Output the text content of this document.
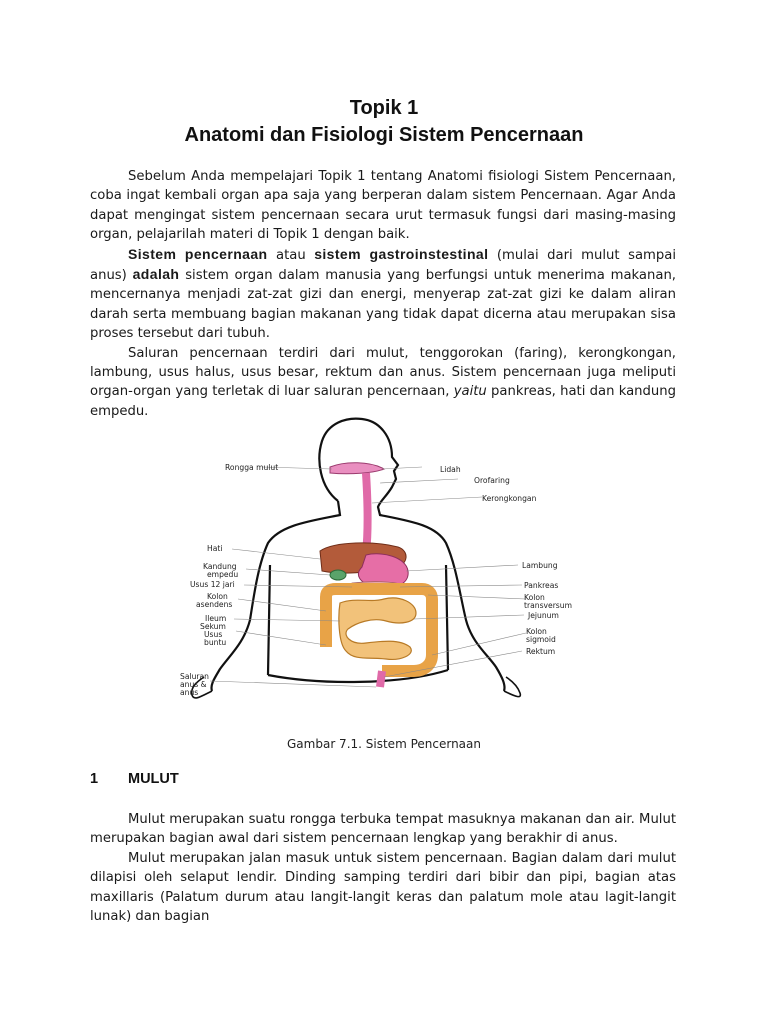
Topik 1
Anatomi dan Fisiologi Sistem Pencernaan

Sebelum Anda mempelajari Topik 1 tentang Anatomi fisiologi Sistem Pencernaan, coba ingat kembali organ apa saja yang berperan dalam sistem Pencernaan. Agar Anda dapat mengingat sistem pencernaan secara urut termasuk fungsi dari masing-masing organ, pelajarilah materi di Topik 1 dengan baik.

Sistem pencernaan atau sistem gastroinstestinal (mulai dari mulut sampai anus) adalah sistem organ dalam manusia yang berfungsi untuk menerima makanan, mencernanya menjadi zat-zat gizi dan energi, menyerap zat-zat gizi ke dalam aliran darah serta membuang bagian makanan yang tidak dapat dicerna atau merupakan sisa proses tersebut dari tubuh.

Saluran pencernaan terdiri dari mulut, tenggorokan (faring), kerongkongan, lambung, usus halus, usus besar, rektum dan anus. Sistem pencernaan juga meliputi organ-organ yang terletak di luar saluran pencernaan, yaitu pankreas, hati dan kandung empedu.

Rongga mulut
Hati
Kandung
empedu
Usus 12 jari
Kolon
asendens
Ileum
Sekum
Usus
buntu
Saluran
anus &
anus
Lidah
Orofaring
Kerongkongan
Lambung
Pankreas
Kolon
transversum
Jejunum
Kolon
sigmoid
Rektum
Gambar 7.1. Sistem Pencernaan
1 MULUT

Mulut merupakan suatu rongga terbuka tempat masuknya makanan dan air. Mulut merupakan bagian awal dari sistem pencernaan lengkap yang berakhir di anus.

Mulut merupakan jalan masuk untuk sistem pencernaan. Bagian dalam dari mulut dilapisi oleh selaput lendir. Dinding samping terdiri dari bibir dan pipi, bagian atas maxillaris (Palatum durum atau langit-langit keras dan palatum mole atau lagit-langit lunak) dan bagian
